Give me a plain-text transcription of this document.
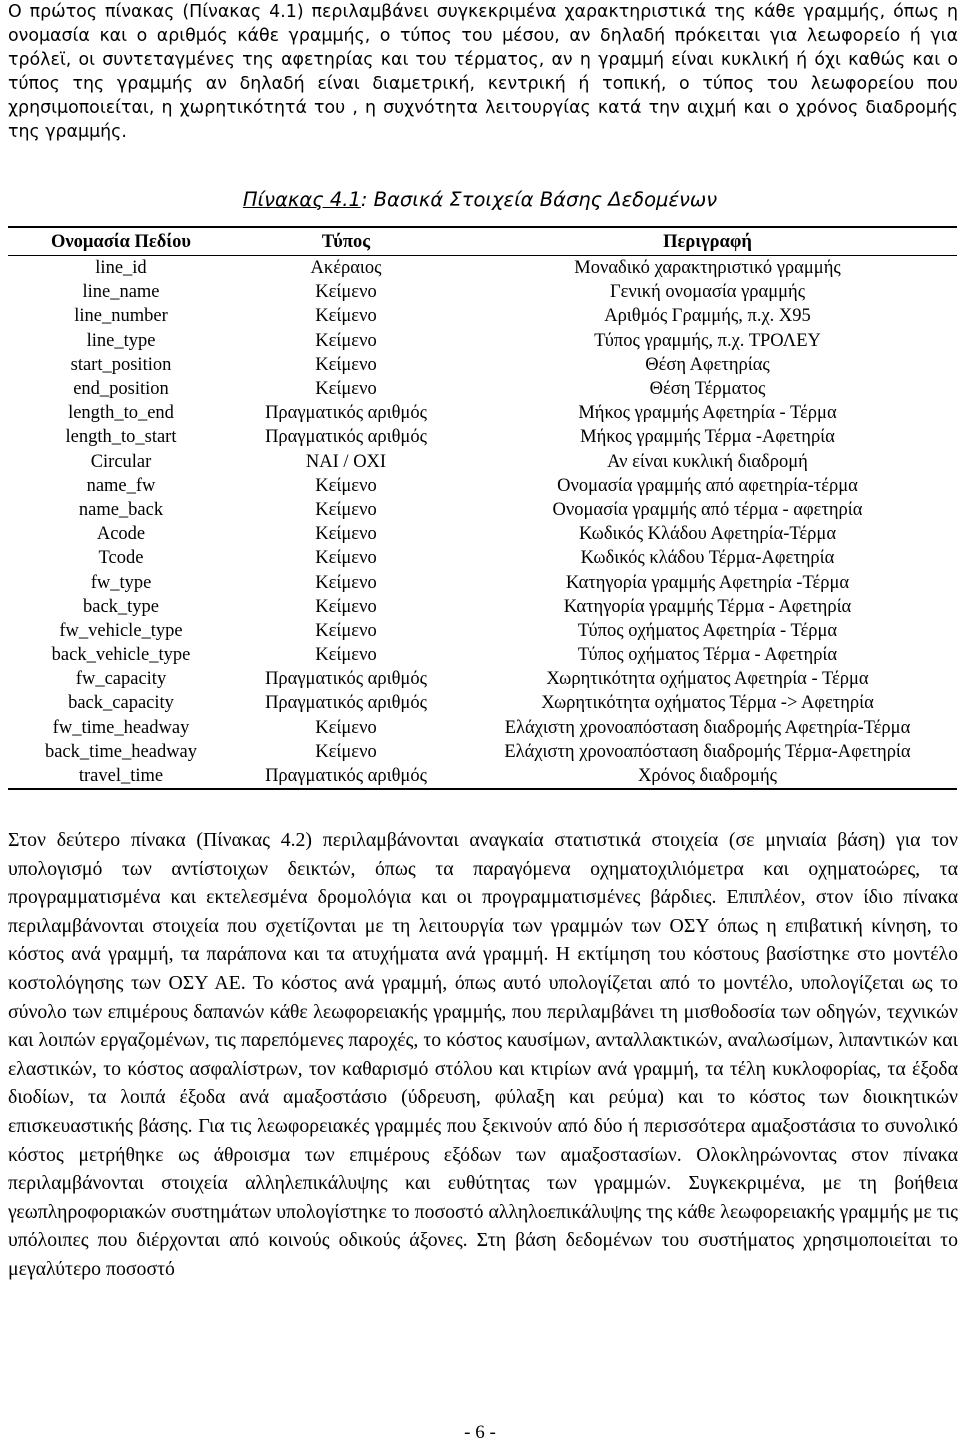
Ο πρώτος πίνακας (Πίνακας 4.1) περιλαμβάνει συγκεκριμένα χαρακτηριστικά της κάθε γραμμής, όπως η ονομασία και ο αριθμός κάθε γραμμής, ο τύπος του μέσου, αν δηλαδή πρόκειται για λεωφορείο ή για τρόλεϊ, οι συντεταγμένες της αφετηρίας και του τέρματος, αν η γραμμή είναι κυκλική ή όχι καθώς και ο τύπος της γραμμής αν δηλαδή είναι διαμετρική, κεντρική ή τοπική, ο τύπος του λεωφορείου που χρησιμοποιείται, η χωρητικότητά του , η συχνότητα λειτουργίας κατά την αιχμή και ο χρόνος διαδρομής της γραμμής.

Πίνακας 4.1: Βασικά Στοιχεία Βάσης Δεδομένων

Ονομασία Πεδίου	Τύπος	Περιγραφή
line_id	Ακέραιος	Μοναδικό χαρακτηριστικό γραμμής
line_name	Κείμενο	Γενική ονομασία γραμμής
line_number	Κείμενο	Αριθμός Γραμμής, π.χ. Χ95
line_type	Κείμενο	Τύπος γραμμής, π.χ. ΤΡΟΛΕΥ
start_position	Κείμενο	Θέση Αφετηρίας
end_position	Κείμενο	Θέση Τέρματος
length_to_end	Πραγματικός αριθμός	Μήκος γραμμής Αφετηρία - Τέρμα
length_to_start	Πραγματικός αριθμός	Μήκος γραμμής Τέρμα -Αφετηρία
Circular	ΝΑΙ / ΟΧΙ	Αν είναι κυκλική διαδρομή
name_fw	Κείμενο	Ονομασία γραμμής από αφετηρία-τέρμα
name_back	Κείμενο	Ονομασία γραμμής από τέρμα - αφετηρία
Acode	Κείμενο	Κωδικός Κλάδου Αφετηρία-Τέρμα
Tcode	Κείμενο	Κωδικός κλάδου Τέρμα-Αφετηρία
fw_type	Κείμενο	Κατηγορία γραμμής Αφετηρία -Τέρμα
back_type	Κείμενο	Κατηγορία γραμμής Τέρμα - Αφετηρία
fw_vehicle_type	Κείμενο	Τύπος οχήματος Αφετηρία - Τέρμα
back_vehicle_type	Κείμενο	Τύπος οχήματος Τέρμα - Αφετηρία
fw_capacity	Πραγματικός αριθμός	Χωρητικότητα οχήματος Αφετηρία - Τέρμα
back_capacity	Πραγματικός αριθμός	Χωρητικότητα οχήματος Τέρμα -> Αφετηρία
fw_time_headway	Κείμενο	Ελάχιστη χρονοαπόσταση διαδρομής Αφετηρία-Τέρμα
back_time_headway	Κείμενο	Ελάχιστη χρονοαπόσταση διαδρομής Τέρμα-Αφετηρία
travel_time	Πραγματικός αριθμός	Χρόνος διαδρομής

Στον δεύτερο πίνακα (Πίνακας 4.2) περιλαμβάνονται αναγκαία στατιστικά στοιχεία (σε μηνιαία βάση) για τον υπολογισμό των αντίστοιχων δεικτών, όπως τα παραγόμενα οχηματοχιλιόμετρα και οχηματοώρες, τα προγραμματισμένα και εκτελεσμένα δρομολόγια και οι προγραμματισμένες βάρδιες. Επιπλέον, στον ίδιο πίνακα περιλαμβάνονται στοιχεία που σχετίζονται με τη λειτουργία των γραμμών των ΟΣΥ όπως η επιβατική κίνηση, το κόστος ανά γραμμή, τα παράπονα και τα ατυχήματα ανά γραμμή. Η εκτίμηση του κόστους βασίστηκε στο μοντέλο κοστολόγησης των ΟΣΥ ΑΕ. Το κόστος ανά γραμμή, όπως αυτό υπολογίζεται από το μοντέλο, υπολογίζεται ως το σύνολο των επιμέρους δαπανών κάθε λεωφορειακής γραμμής, που περιλαμβάνει τη μισθοδοσία των οδηγών, τεχνικών και λοιπών εργαζομένων, τις παρεπόμενες παροχές, το κόστος καυσίμων, ανταλλακτικών, αναλωσίμων, λιπαντικών και ελαστικών, το κόστος ασφαλίστρων, τον καθαρισμό στόλου και κτιρίων ανά γραμμή, τα τέλη κυκλοφορίας, τα έξοδα διοδίων, τα λοιπά έξοδα ανά αμαξοστάσιο (ύδρευση, φύλαξη και ρεύμα) και το κόστος των διοικητικών επισκευαστικής βάσης. Για τις λεωφορειακές γραμμές που ξεκινούν από δύο ή περισσότερα αμαξοστάσια το συνολικό κόστος μετρήθηκε ως άθροισμα των επιμέρους εξόδων των αμαξοστασίων. Ολοκληρώνοντας στον πίνακα περιλαμβάνονται στοιχεία αλληλεπικάλυψης και ευθύτητας των γραμμών. Συγκεκριμένα, με τη βοήθεια γεωπληροφοριακών συστημάτων υπολογίστηκε το ποσοστό αλληλοεπικάλυψης της κάθε λεωφορειακής γραμμής με τις υπόλοιπες που διέρχονται από κοινούς οδικούς άξονες. Στη βάση δεδομένων του συστήματος χρησιμοποιείται το μεγαλύτερο ποσοστό

- 6 -
